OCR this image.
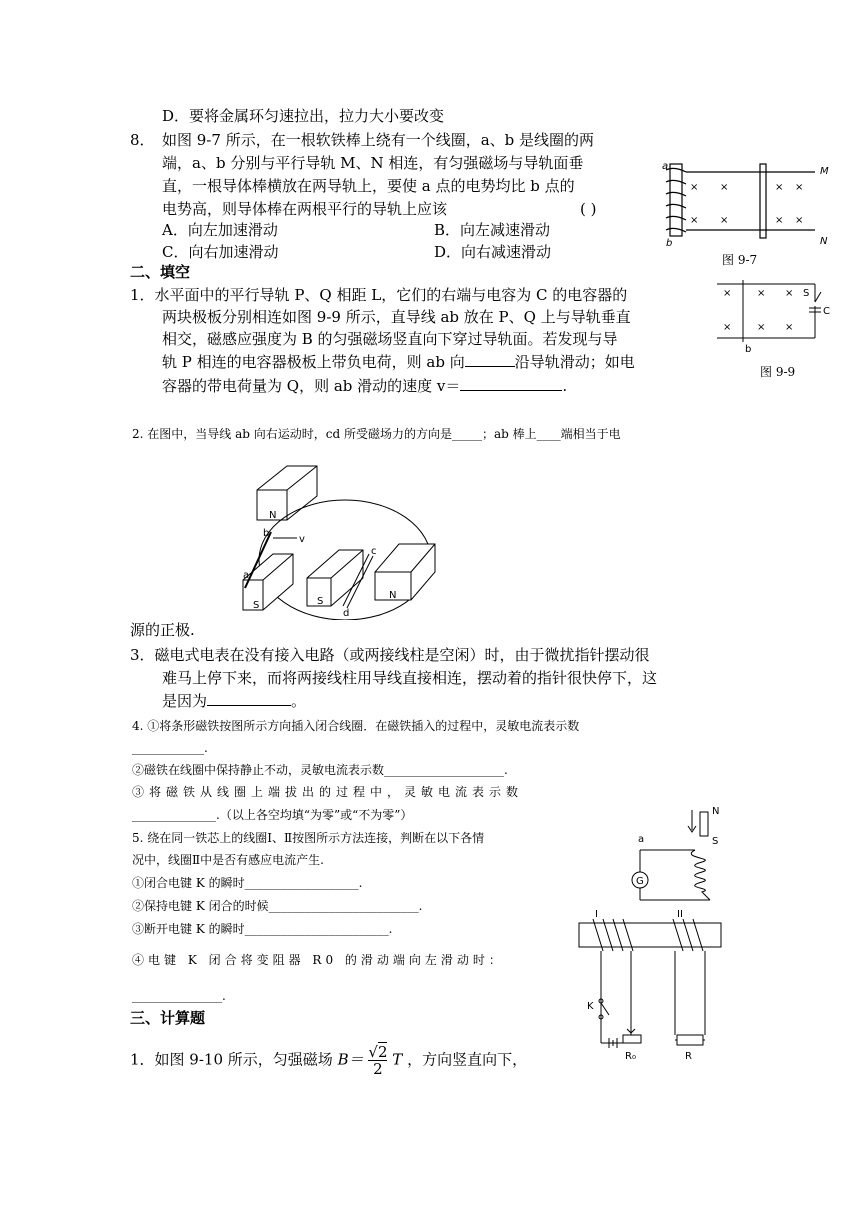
D．要将金属环匀速拉出，拉力大小要改变
8． 如图 9-7 所示，在一根软铁棒上绕有一个线圈，a、b 是线圈的两
端，a、b 分别与平行导轨 M、N 相连，有匀强磁场与导轨面垂
直，一根导体棒横放在两导轨上，要使 a 点的电势均比 b 点的
电势高，则导体棒在两根平行的导轨上应该	( )
A．向左加速滑动	B．向左减速滑动
C．向右加速滑动	D．向右减速滑动
× ×	× ×
× ×	× ×
a
b
M
N
图 9-7
二、填空
1．水平面中的平行导轨 P、Q 相距 L，它们的右端与电容为 C 的电容器的
两块极板分别相连如图 9-9 所示，直导线 ab 放在 P、Q 上与导轨垂直
相交，磁感应强度为 B 的匀强磁场竖直向下穿过导轨面。若发现与导
轨 P 相连的电容器极板上带负电荷，则 ab 向	沿导轨滑动；如电
容器的带电荷量为 Q，则 ab 滑动的速度 v＝	.
×	× ×
×	× ×
S
C
b
图 9-9
2. 在图中，当导线 ab 向右运动时，cd 所受磁场力的方向是_____；ab 棒上____端相当于电
N
b
v
a
S	S
c
d
N
源的正极.
3．磁电式电表在没有接入电路（或两接线柱是空闲）时，由于微扰指针摆动很
难马上停下来，而将两接线柱用导线直接相连，摆动着的指针很快停下，这
是因为	。
4. ①将条形磁铁按图所示方向插入闭合线圈．在磁铁插入的过程中，灵敏电流表示数
____________.
②磁铁在线圈中保持静止不动，灵敏电流表示数____________________.
③将磁铁从线圈上端拔出的过程中，灵敏电流表示数
______________.（以上各空均填“为零”或“不为零”）
5. 绕在同一铁芯上的线圈Ⅰ、Ⅱ按图所示方法连接，判断在以下各情
况中，线圈Ⅱ中是否有感应电流产生.
①闭合电键 K 的瞬时___________________.
②保持电键 K 闭合的时候_________________________.
③断开电键 K 的瞬时________________________.
④电键 K 闭合将变阻器 R0 的滑动端向左滑动时：
_______________.
G
a
N
S
I	II
K
R₀	R
三、计算题
1．如图 9-10 所示，匀强磁场 $B= \frac{√2}{2}$ T ，方向竖直向下，
